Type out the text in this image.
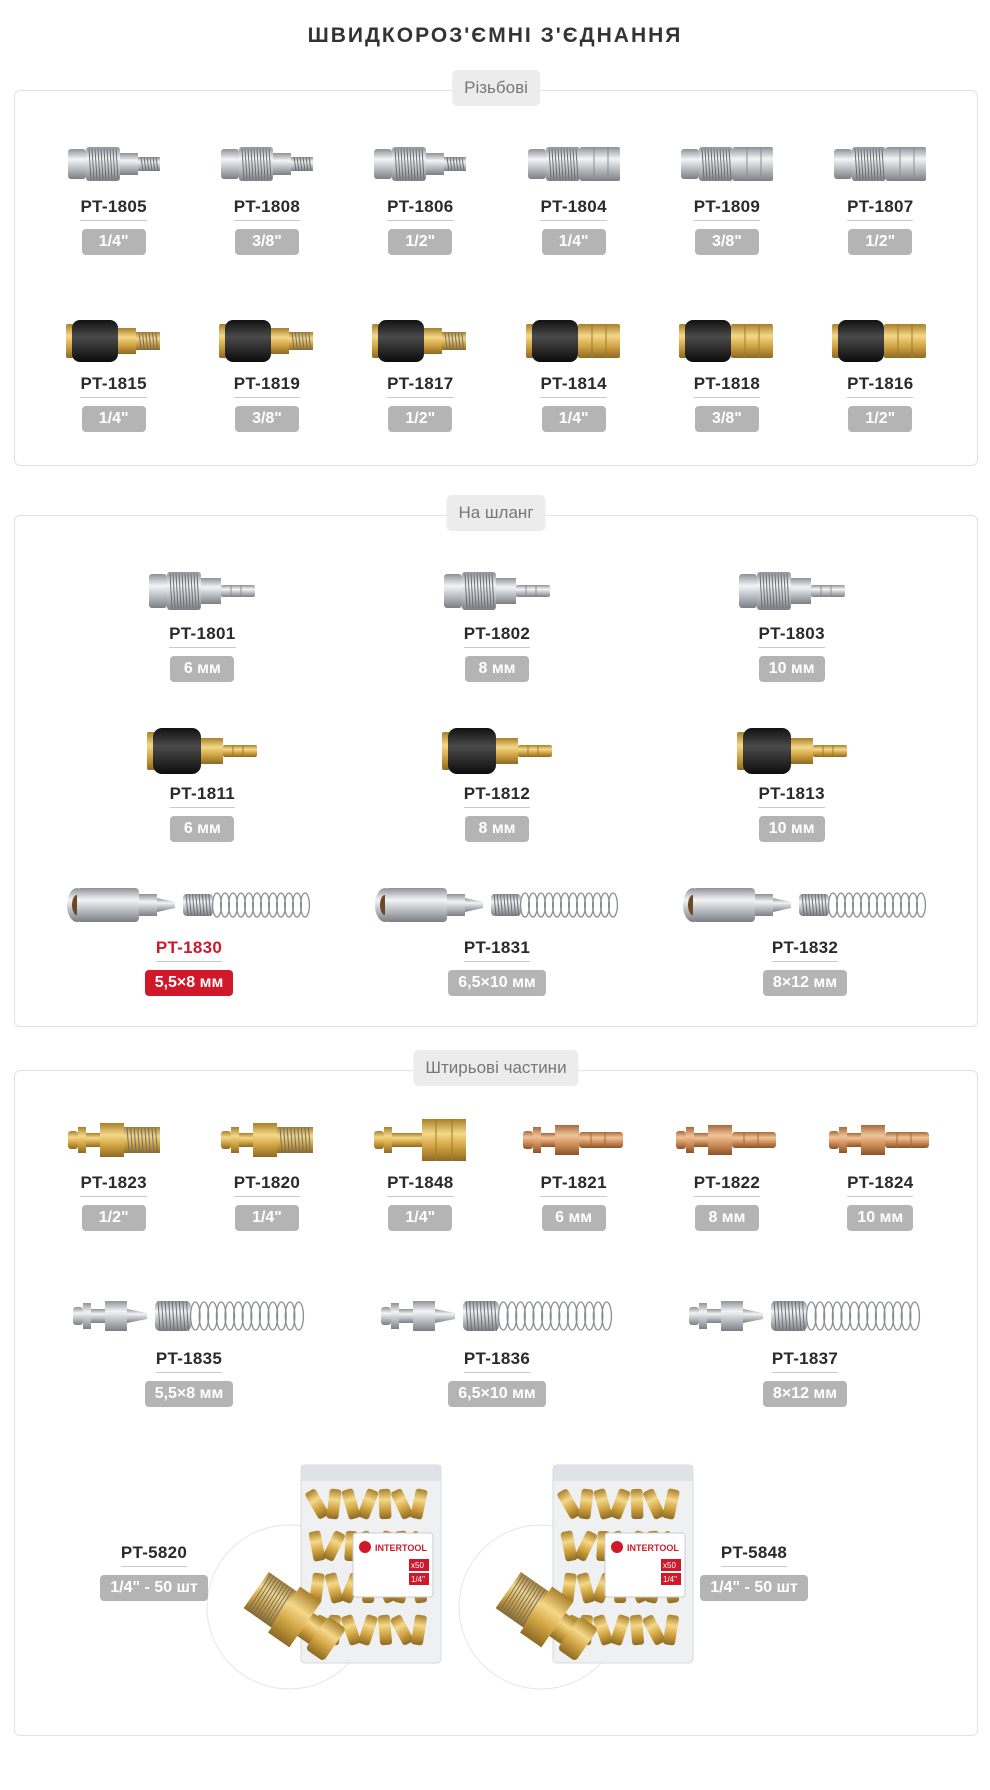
ШВИДКОРОЗ'ЄМНІ З'ЄДНАННЯ
Різьбові
PT-1805
1/4"
PT-1808
3/8"
PT-1806
1/2"
PT-1804
1/4"
PT-1809
3/8"
PT-1807
1/2"
PT-1815
1/4"
PT-1819
3/8"
PT-1817
1/2"
PT-1814
1/4"
PT-1818
3/8"
PT-1816
1/2"
На шланг
PT-1801
6 мм
PT-1802
8 мм
PT-1803
10 мм
PT-1811
6 мм
PT-1812
8 мм
PT-1813
10 мм
PT-1830
5,5×8 мм
PT-1831
6,5×10 мм
PT-1832
8×12 мм
Штирьові частини
PT-1823
1/2"
PT-1820
1/4"
PT-1848
1/4"
PT-1821
6 мм
PT-1822
8 мм
PT-1824
10 мм
PT-1835
5,5×8 мм
PT-1836
6,5×10 мм
PT-1837
8×12 мм
INTERTOOL
x50
1/4"
PT-5820
1/4" - 50 шт
INTERTOOL
x50
1/4"
PT-5848
1/4" - 50 шт
